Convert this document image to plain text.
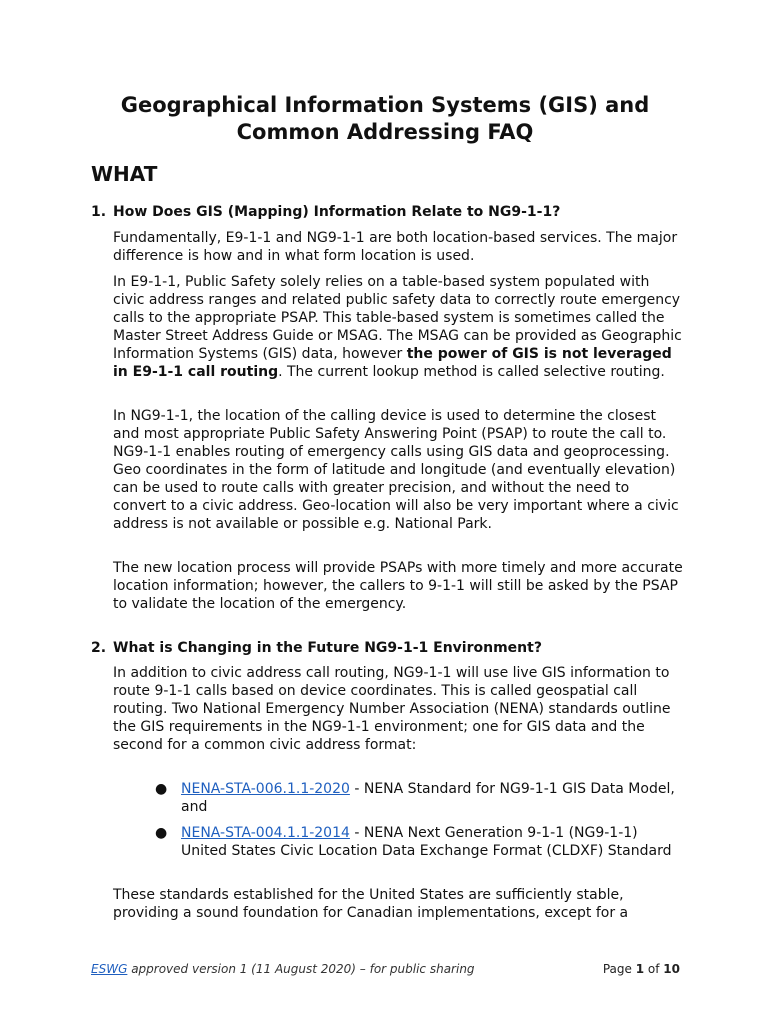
Geographical Information Systems (GIS) and
Common Addressing FAQ
WHAT

1. How Does GIS (Mapping) Information Relate to NG9-1-1?

Fundamentally, E9-1-1 and NG9-1-1 are both location-based services. The major difference is how and in what form location is used.

In E9-1-1, Public Safety solely relies on a table-based system populated with civic address ranges and related public safety data to correctly route emergency calls to the appropriate PSAP. This table-based system is sometimes called the Master Street Address Guide or MSAG. The MSAG can be provided as Geographic Information Systems (GIS) data, however the power of GIS is not leveraged in E9-1-1 call routing. The current lookup method is called selective routing.

In NG9-1-1, the location of the calling device is used to determine the closest and most appropriate Public Safety Answering Point (PSAP) to route the call to. NG9-1-1 enables routing of emergency calls using GIS data and geoprocessing. Geo coordinates in the form of latitude and longitude (and eventually elevation) can be used to route calls with greater precision, and without the need to convert to a civic address. Geo-location will also be very important where a civic address is not available or possible e.g. National Park.

The new location process will provide PSAPs with more timely and more accurate location information; however, the callers to 9-1-1 will still be asked by the PSAP to validate the location of the emergency.

2. What is Changing in the Future NG9-1-1 Environment?

In addition to civic address call routing, NG9-1-1 will use live GIS information to route 9-1-1 calls based on device coordinates. This is called geospatial call routing. Two National Emergency Number Association (NENA) standards outline the GIS requirements in the NG9-1-1 environment; one for GIS data and the second for a common civic address format:

● NENA-STA-006.1.1-2020 - NENA Standard for NG9-1-1 GIS Data Model, and
● NENA-STA-004.1.1-2014 - NENA Next Generation 9-1-1 (NG9-1-1) United States Civic Location Data Exchange Format (CLDXF) Standard

These standards established for the United States are sufficiently stable, providing a sound foundation for Canadian implementations, except for a

ESWG approved version 1 (11 August 2020) – for public sharing	Page 1 of 10
